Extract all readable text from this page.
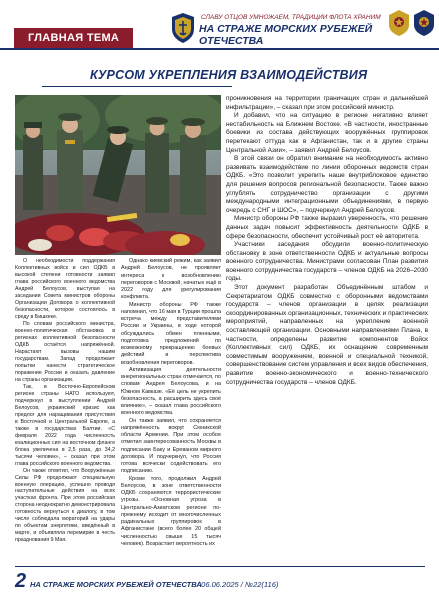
ГЛАВНАЯ ТЕМА
СЛАВУ ОТЦОВ УМНОЖАЕМ, ТРАДИЦИИ ФЛОТА ХРАНИМ
НА СТРАЖЕ МОРСКИХ РУБЕЖЕЙ ОТЕЧЕСТВА
КУРСОМ УКРЕПЛЕНИЯ ВЗАИМОДЕЙСТВИЯ

О необходимости поддержания Коллективных войск и сил ОДКБ в высокой степени готовности заявил глава российского военного ведомства Андрей Белоусов, выступая на заседании Совета министров обороны Организации Договора о коллективной безопасности, которое состоялось в среду в Бишкеке.

По словам российского министра, военно-политическая обстановка в регионах коллективной безопасности ОДКБ остаётся напряжённой. Нарастают вызовы нашим государствам. Запад продолжает попытки нанести стратегическое поражение России и оказать давление на страны организации.

Так, в Восточно-Европейском регионе страны НАТО используют, подчеркнул в выступлении Андрей Белоусов, украинский кризис как предлог для наращивания присутствия в Восточной и Центральной Европе, а также в государствах Балтии. «С февраля 2022 года численность коалиционных сил на восточном фланге блока увеличена в 2,5 раза, до 34,2 тысячи человек», – сказал при этом глава российского военного ведомства.

Он также отметил, что Вооружённые Силы РФ продолжают специальную военную операцию, успешно проводя наступательные действия на всех участках фронта. При этом российская сторона неоднократно демонстрировала готовность вернуться к диалогу, в том числе соблюдала мораторий на удары по объектам энергетики, введённый в марте, и объявляла перемирие в честь празднования 9 Мая.

Однако киевский режим, как заявил Андрей Белоусов, не проявляет интереса к возобновлению переговоров с Москвой, начатых ещё в 2022 году для урегулирования конфликта.

Министр обороны РФ также напомнил, что 16 мая в Турции прошла встреча между представителями России и Украины, в ходе которой обсуждались обмен пленными, подготовка предложений по возможному прекращению боевых действий и перспектива возобновления переговоров.

Активизация деятельности внерегиональных стран отмечается, по словам Андрея Белоусова, и на Южном Кавказе. «Её цель не укрепить безопасность, а расширить здесь своё влияние», – сказал глава российского военного ведомства.

Он также заявил, что сохраняется напряжённость вокруг Сюникской области Армении. При этом особое отметил заинтересованность Москвы в подписании Баку и Ереваном мирного договора. И подчеркнул, что Россия готова всячески содействовать его подписанию.

Кроме того, продолжил Андрей Белоусов, в зоне ответственности ОДКБ сохраняются террористические угрозы. «Основная угроза в Центрально-Азиатском регионе по-прежнему исходит от многочисленных радикальных группировок в Афганистане (всего более 20 общей численностью свыше 15 тысяч человек). Возрастает вероятность их

проникновения на территории граничащих стран и дальнейшей инфильтрации», – сказал при этом российский министр.

И добавил, что на ситуацию в регионе негативно влияет нестабильность на Ближнем Востоке. «В частности, иностранные боевики из состава действующих вооружённых группировок перетекают оттуда как в Афганистан, так и в другие страны Центральной Азии», – заявил Андрей Белоусов.

В этой связи он обратил внимание на необходимость активно развивать взаимодействие по линии оборонных ведомств стран ОДКБ. «Это позволит укрепить наше внутриблоковое единство для решения вопросов региональной безопасности. Также важно углублять сотрудничество организации с другими международными интеграционными объединениями, в первую очередь с СНГ и ШОС», – подчеркнул Андрей Белоусов.

Министр обороны РФ также выразил уверенность, что решение данных задач повысит эффективность деятельности ОДКБ в сфере безопасности, обеспечит устойчивый рост её авторитета.

Участники заседания обсудили военно-политическую обстановку в зоне ответственности ОДКБ и актуальные вопросы военного сотрудничества. Министрами согласован План развития военного сотрудничества государств – членов ОДКБ на 2026–2030 годы.

Этот документ разработан Объединённым штабом и Секретариатом ОДКБ совместно с оборонными ведомствами государств – членов организации в целях реализации скоординированных организационных, технических и практических мероприятий, направленных на укрепление военной составляющей организации. Основными направлениями Плана, в частности, определены развитие компонентов Войск (Коллективных сил) ОДКБ, их оснащение современным совместимым вооружением, военной и специальной техникой, совершенствование систем управления и всех видов обеспечения, развитие военно-экономического и военно-технического сотрудничества государств – членов ОДКБ.

2 НА СТРАЖЕ МОРСКИХ РУБЕЖЕЙ ОТЕЧЕСТВА
/ 06.06.2025 / №22(116)
